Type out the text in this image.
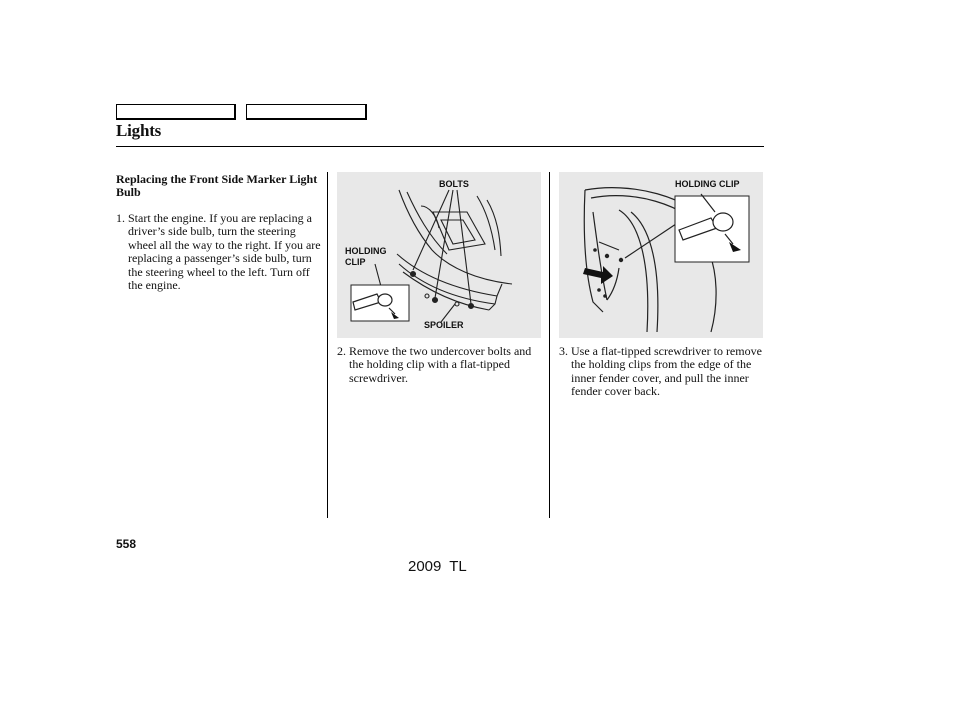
Lights
Replacing the Front Side Marker Light Bulb
1. Start the engine. If you are replacing a driver’s side bulb, turn the steering wheel all the way to the right. If you are replacing a passenger’s side bulb, turn the steering wheel to the left. Turn off the engine.
BOLTS
HOLDING
CLIP
SPOILER
HOLDING CLIP
2. Remove the two undercover bolts and the holding clip with a flat-tipped screwdriver.
3. Use a flat-tipped screwdriver to remove the holding clips from the edge of the inner fender cover, and pull the inner fender cover back.
558
2009 TL
